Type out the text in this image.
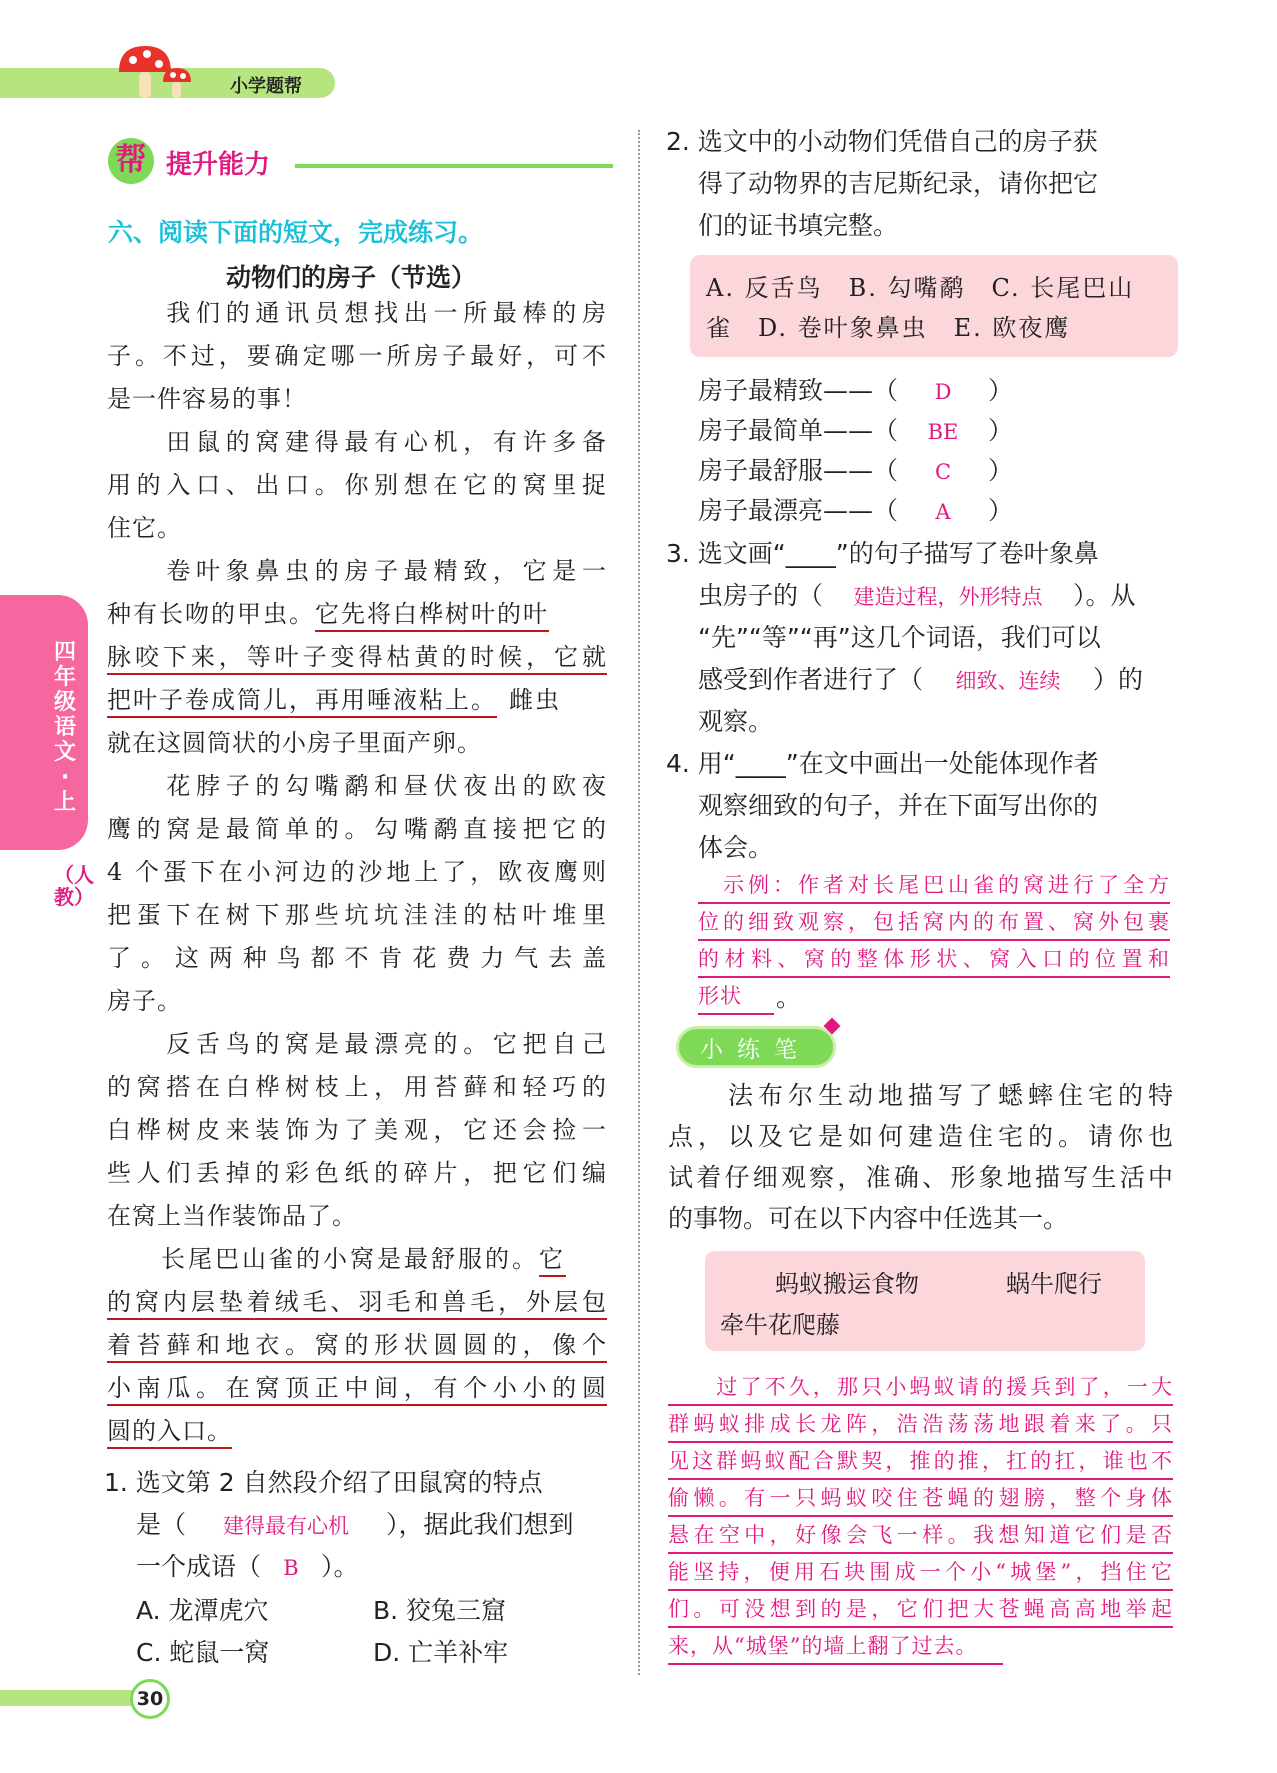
小学题帮
帮 提升能力
四年级语文·上
（人教）
六、阅读下面的短文，完成练习。
动物们的房子（节选）
　　我们的通讯员想找出一所最棒的房
子。不过，要确定哪一所房子最好，可不
是一件容易的事！
　　田鼠的窝建得最有心机，有许多备
用的入口、出口。你别想在它的窝里捉
住它。
　　卷叶象鼻虫的房子最精致，它是一
种有长吻的甲虫。它先将白桦树叶的叶
脉咬下来，等叶子变得枯黄的时候，它就
把叶子卷成筒儿，再用唾液粘上。 雌虫
就在这圆筒状的小房子里面产卵。
　　花脖子的勾嘴鹬和昼伏夜出的欧夜
鹰的窝是最简单的。勾嘴鹬直接把它的
4 个蛋下在小河边的沙地上了，欧夜鹰则
把蛋下在树下那些坑坑洼洼的枯叶堆里
了。这两种鸟都不肯花费力气去盖
房子。
　　反舌鸟的窝是最漂亮的。它把自己
的窝搭在白桦树枝上，用苔藓和轻巧的
白桦树皮来装饰为了美观，它还会捡一
些人们丢掉的彩色纸的碎片，把它们编
在窝上当作装饰品了。
　　长尾巴山雀的小窝是最舒服的。它
的窝内层垫着绒毛、羽毛和兽毛，外层包
着苔藓和地衣。窝的形状圆圆的，像个
小南瓜。在窝顶正中间，有个小小的圆
圆的入口。
1. 选文第 2 自然段介绍了田鼠窝的特点
是（ 建得最有心机 ），据此我们想到
一个成语（ B ）。
A. 龙潭虎穴	B. 狡兔三窟
C. 蛇鼠一窝	D. 亡羊补牢
2. 选文中的小动物们凭借自己的房子获
得了动物界的吉尼斯纪录，请你把它
们的证书填完整。
A. 反舌鸟　B. 勾嘴鹬　C. 长尾巴山
雀　D. 卷叶象鼻虫　E. 欧夜鹰
房子最精致——（ D ）
房子最简单——（ BE ）
房子最舒服——（ C ）
房子最漂亮——（ A ）
3. 选文画“____”的句子描写了卷叶象鼻
虫房子的（ 建造过程，外形特点 ）。从
“先”“等”“再”这几个词语，我们可以
感受到作者进行了（ 细致、连续 ）的
观察。
4. 用“____”在文中画出一处能体现作者
观察细致的句子，并在下面写出你的
体会。
　示例：作者对长尾巴山雀的窝进行了全方
位的细致观察，包括窝内的布置、窝外包裹
的材料、窝的整体形状、窝入口的位置和
形状	。
小练笔
　　法布尔生动地描写了蟋蟀住宅的特
点，以及它是如何建造住宅的。请你也
试着仔细观察，准确、形象地描写生活中
的事物。可在以下内容中任选其一。
蚂蚁搬运食物	蜗牛爬行
牵牛花爬藤
　　过了不久，那只小蚂蚁请的援兵到了，一大
群蚂蚁排成长龙阵，浩浩荡荡地跟着来了。只
见这群蚂蚁配合默契，推的推，扛的扛，谁也不
偷懒。有一只蚂蚁咬住苍蝇的翅膀，整个身体
悬在空中，好像会飞一样。我想知道它们是否
能坚持，便用石块围成一个小“城堡”，挡住它
们。可没想到的是，它们把大苍蝇高高地举起
来，从“城堡”的墙上翻了过去。
30
